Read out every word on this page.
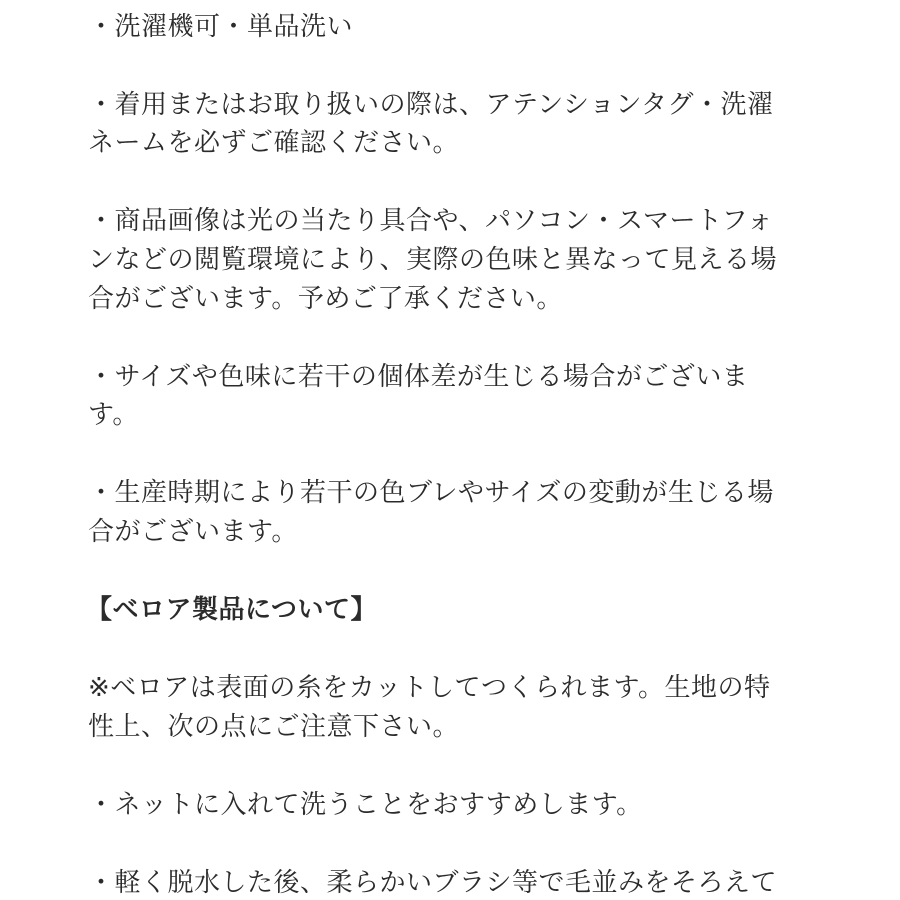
・洗濯機可・単品洗い

・着用またはお取り扱いの際は、アテンションタグ・洗濯

ネームを必ずご確認ください。

・商品画像は光の当たり具合や、パソコン・スマートフォ

ンなどの閲覧環境により、実際の色味と異なって見える場

合がございます。予めご了承ください。

・サイズや色味に若干の個体差が生じる場合がございま

す。

・生産時期により若干の色ブレやサイズの変動が生じる場

合がございます。

【ベロア製品について】

※ベロアは表面の糸をカットしてつくられます。生地の特

性上、次の点にご注意下さい。

・ネットに入れて洗うことをおすすめします。

・軽く脱水した後、柔らかいブラシ等で毛並みをそろえて
